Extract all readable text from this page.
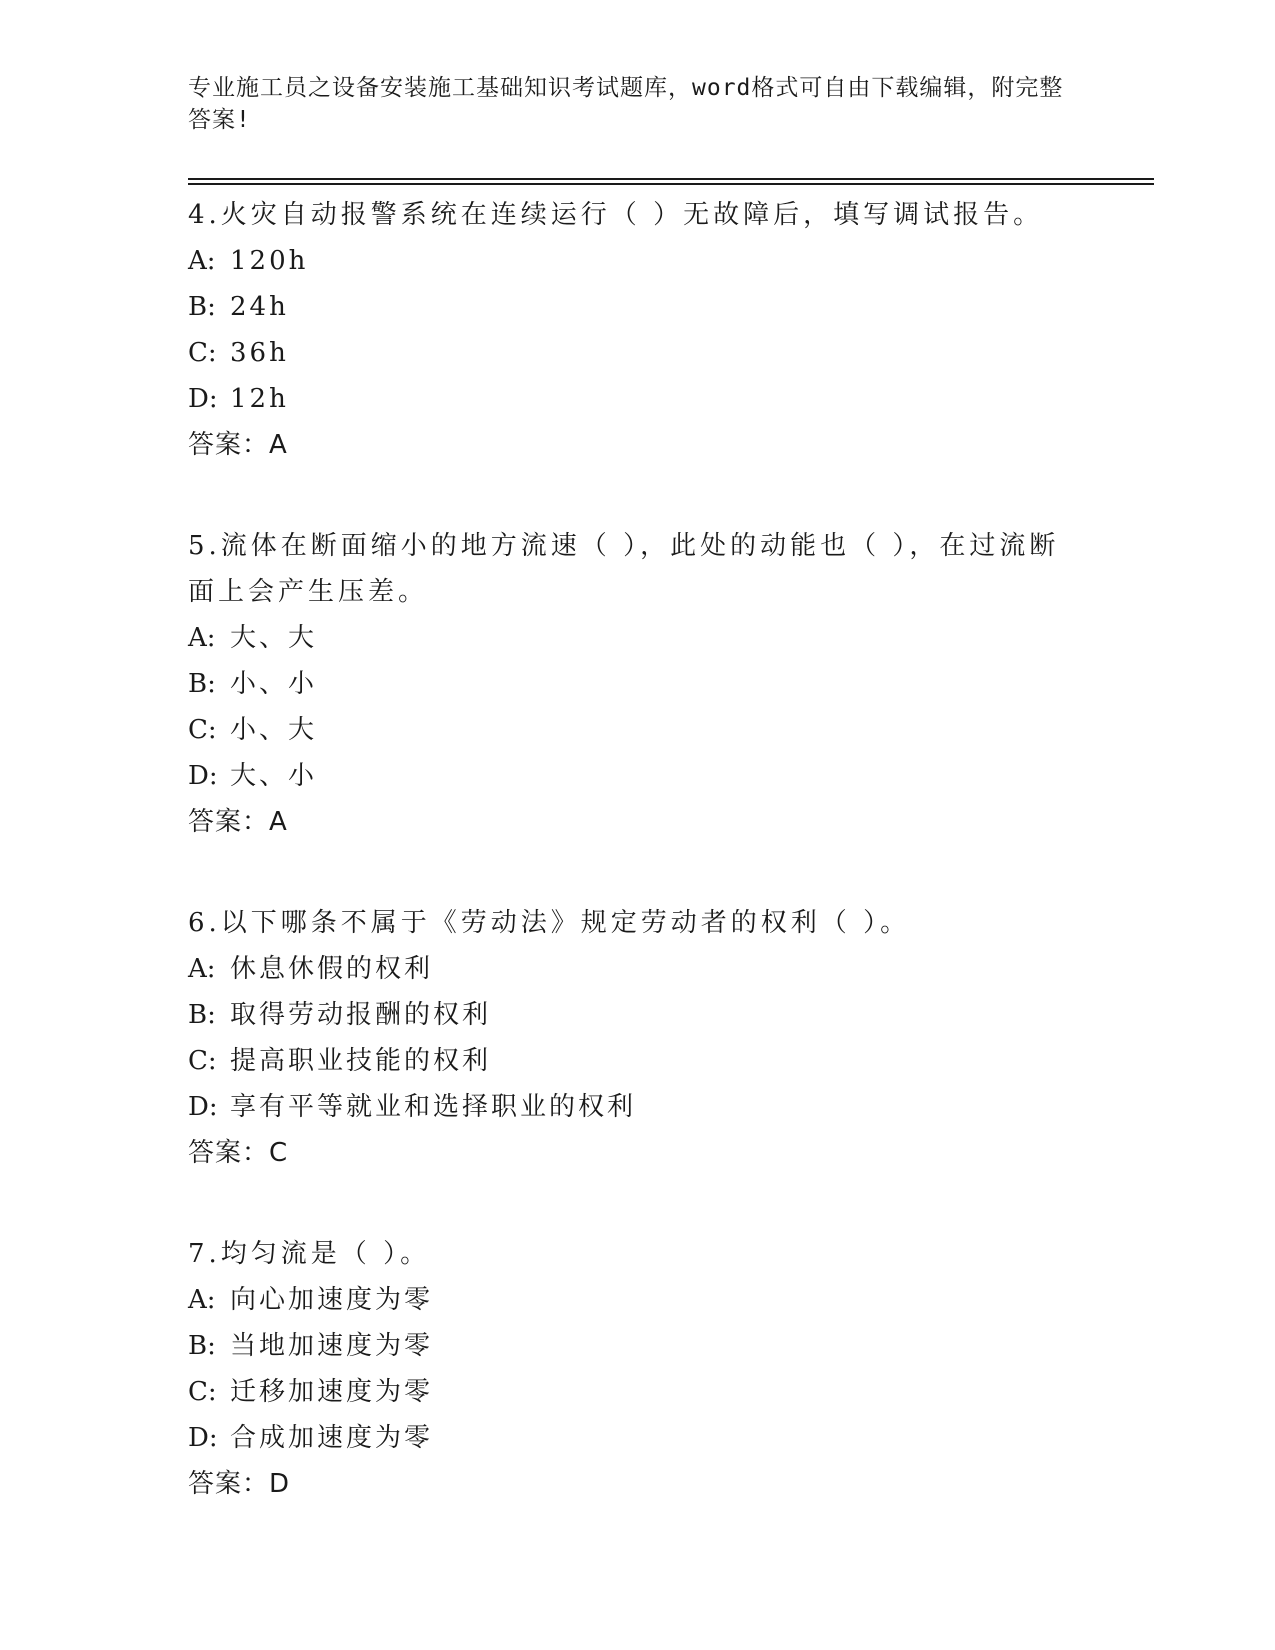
专业施工员之设备安装施工基础知识考试题库，word格式可自由下载编辑，附完整答案!

4.火灾自动报警系统在连续运行（ ）无故障后，填写调试报告。

A: 120h

B: 24h

C: 36h

D: 12h

答案：A

5.流体在断面缩小的地方流速（ ），此处的动能也（ ），在过流断面上会产生压差。

A: 大、大

B: 小、小

C: 小、大

D: 大、小

答案：A

6.以下哪条不属于《劳动法》规定劳动者的权利（ ）。

A: 休息休假的权利

B: 取得劳动报酬的权利

C: 提高职业技能的权利

D: 享有平等就业和选择职业的权利

答案：C

7.均匀流是（ ）。

A: 向心加速度为零

B: 当地加速度为零

C: 迁移加速度为零

D: 合成加速度为零

答案：D
